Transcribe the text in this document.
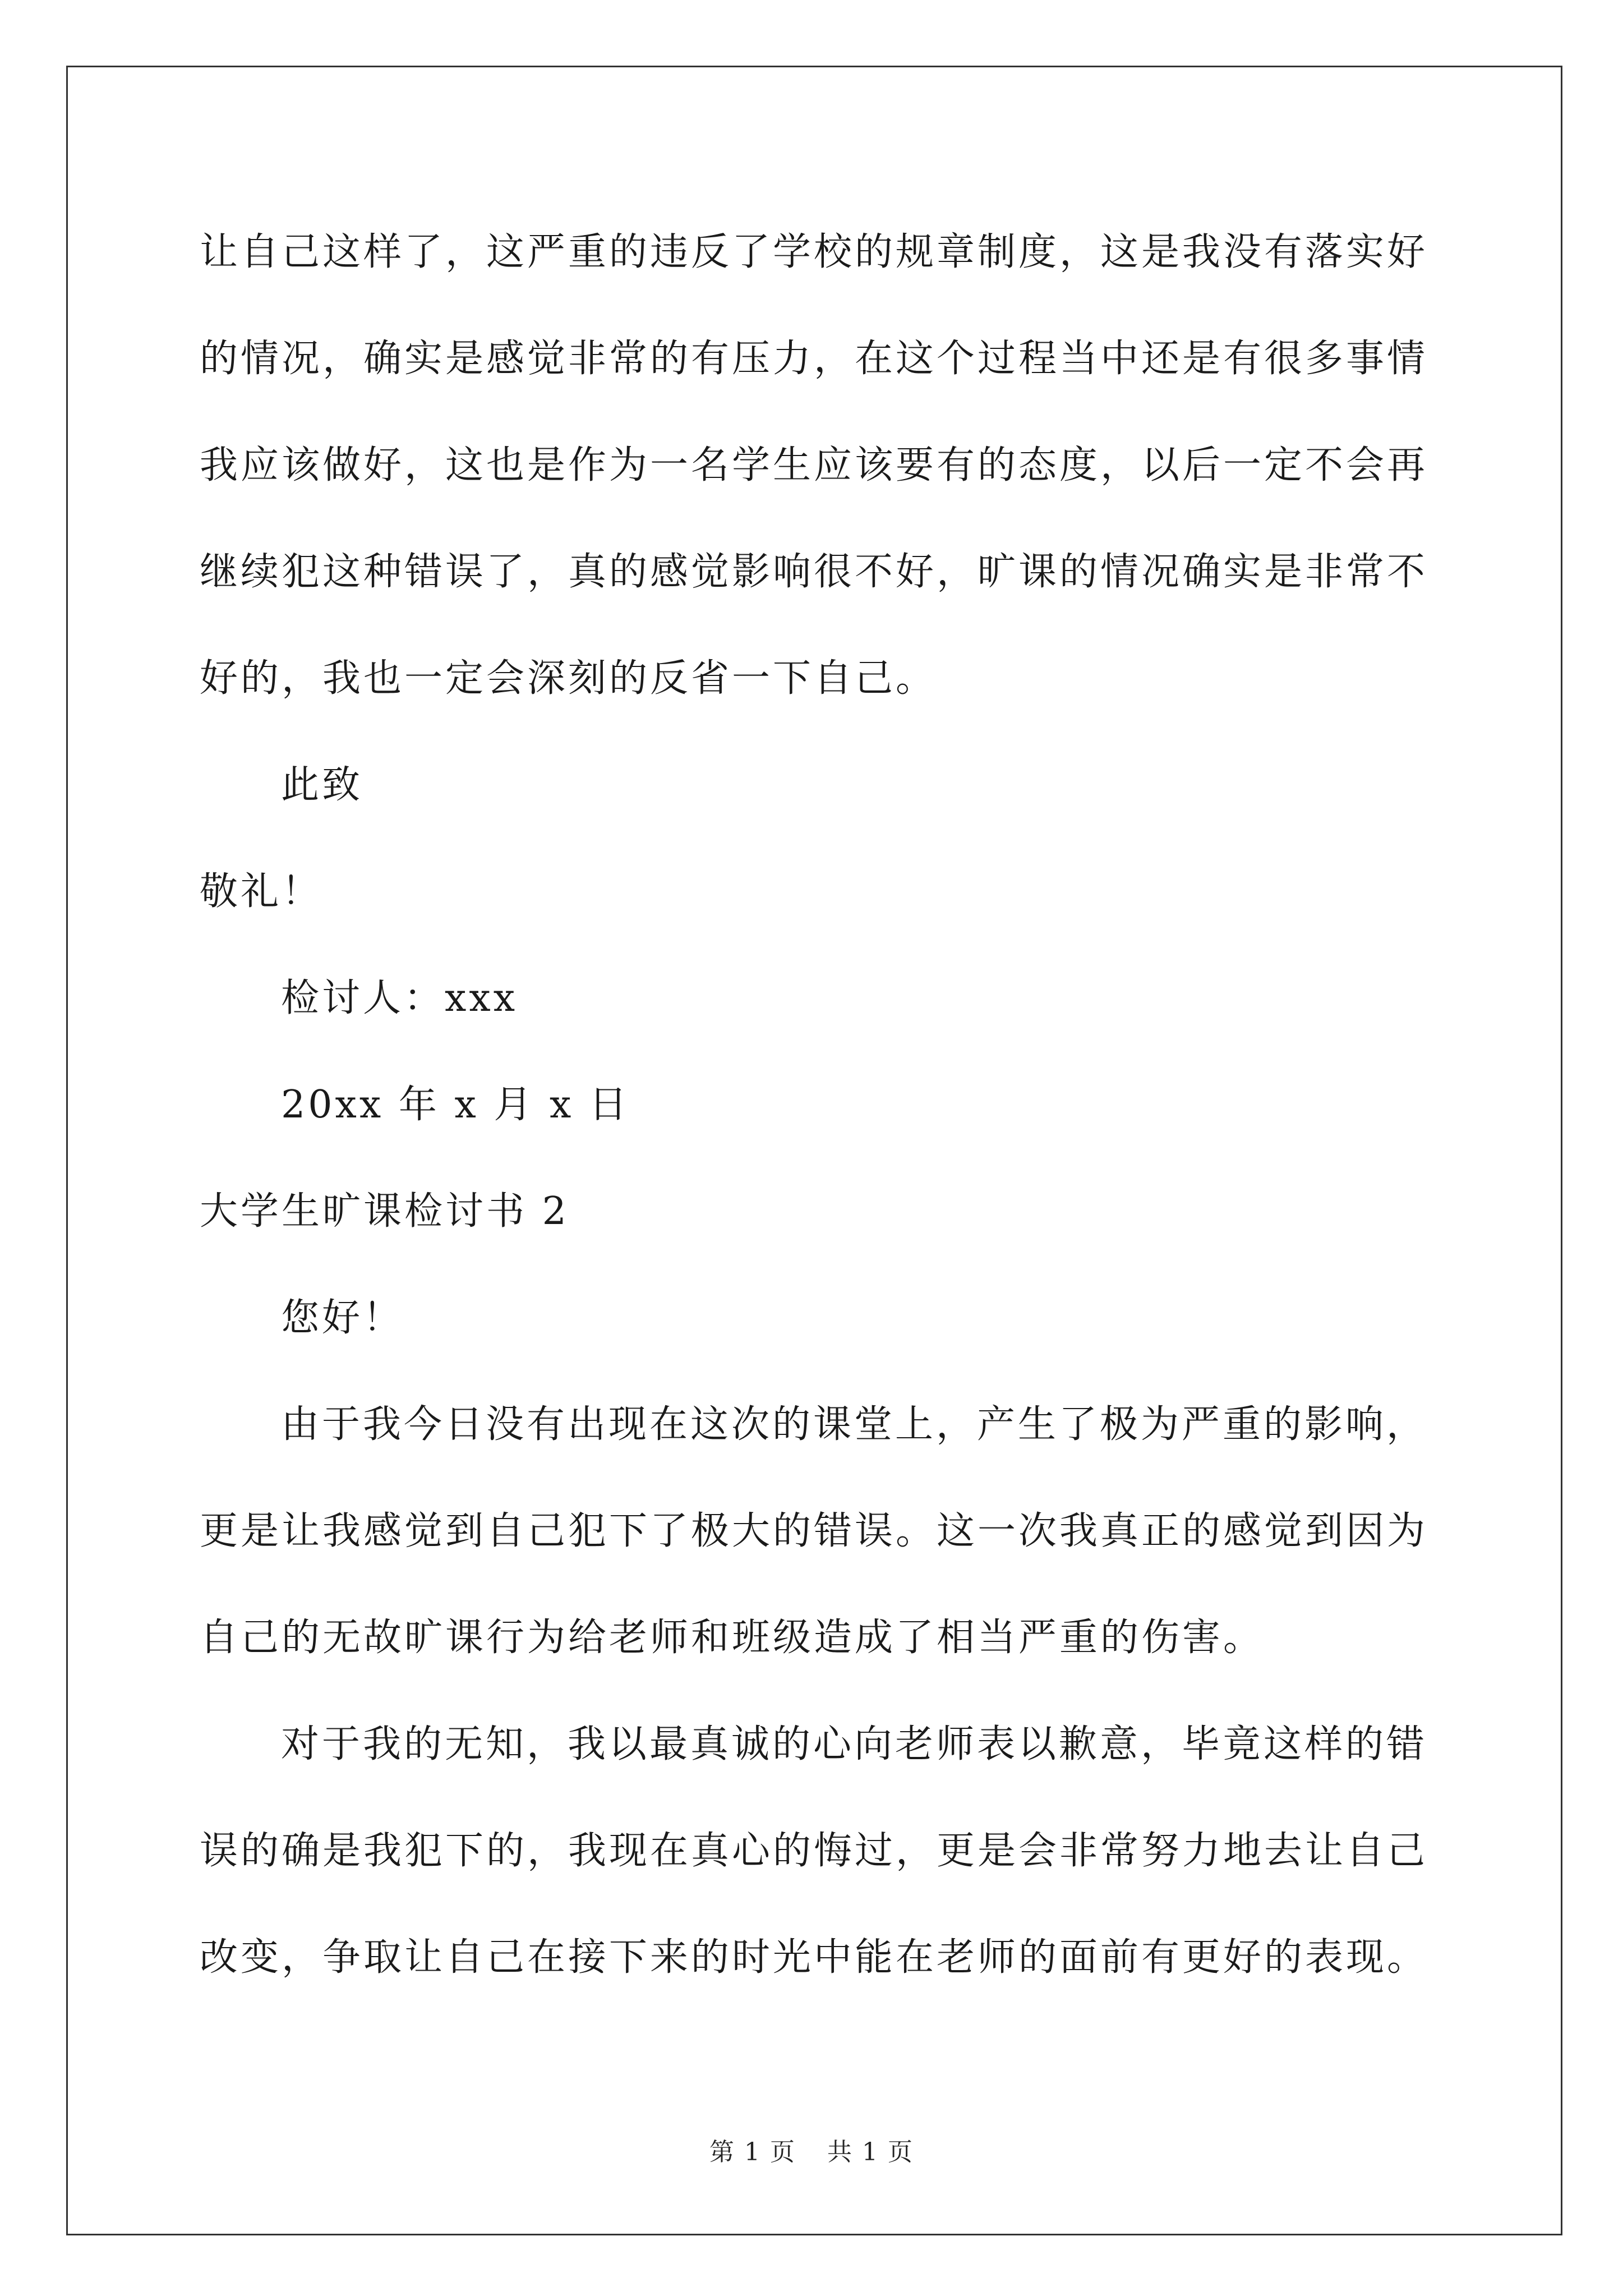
让自己这样了，这严重的违反了学校的规章制度，这是我没有落实好

的情况，确实是感觉非常的有压力，在这个过程当中还是有很多事情

我应该做好，这也是作为一名学生应该要有的态度，以后一定不会再

继续犯这种错误了，真的感觉影响很不好，旷课的情况确实是非常不

好的，我也一定会深刻的反省一下自己。

此致

敬礼！

检讨人：xxx

20xx 年 x 月 x 日

大学生旷课检讨书 2

您好！

由于我今日没有出现在这次的课堂上，产生了极为严重的影响，

更是让我感觉到自己犯下了极大的错误。这一次我真正的感觉到因为

自己的无故旷课行为给老师和班级造成了相当严重的伤害。

对于我的无知，我以最真诚的心向老师表以歉意，毕竟这样的错

误的确是我犯下的，我现在真心的悔过，更是会非常努力地去让自己

改变，争取让自己在接下来的时光中能在老师的面前有更好的表现。

第 1 页 共 1 页
